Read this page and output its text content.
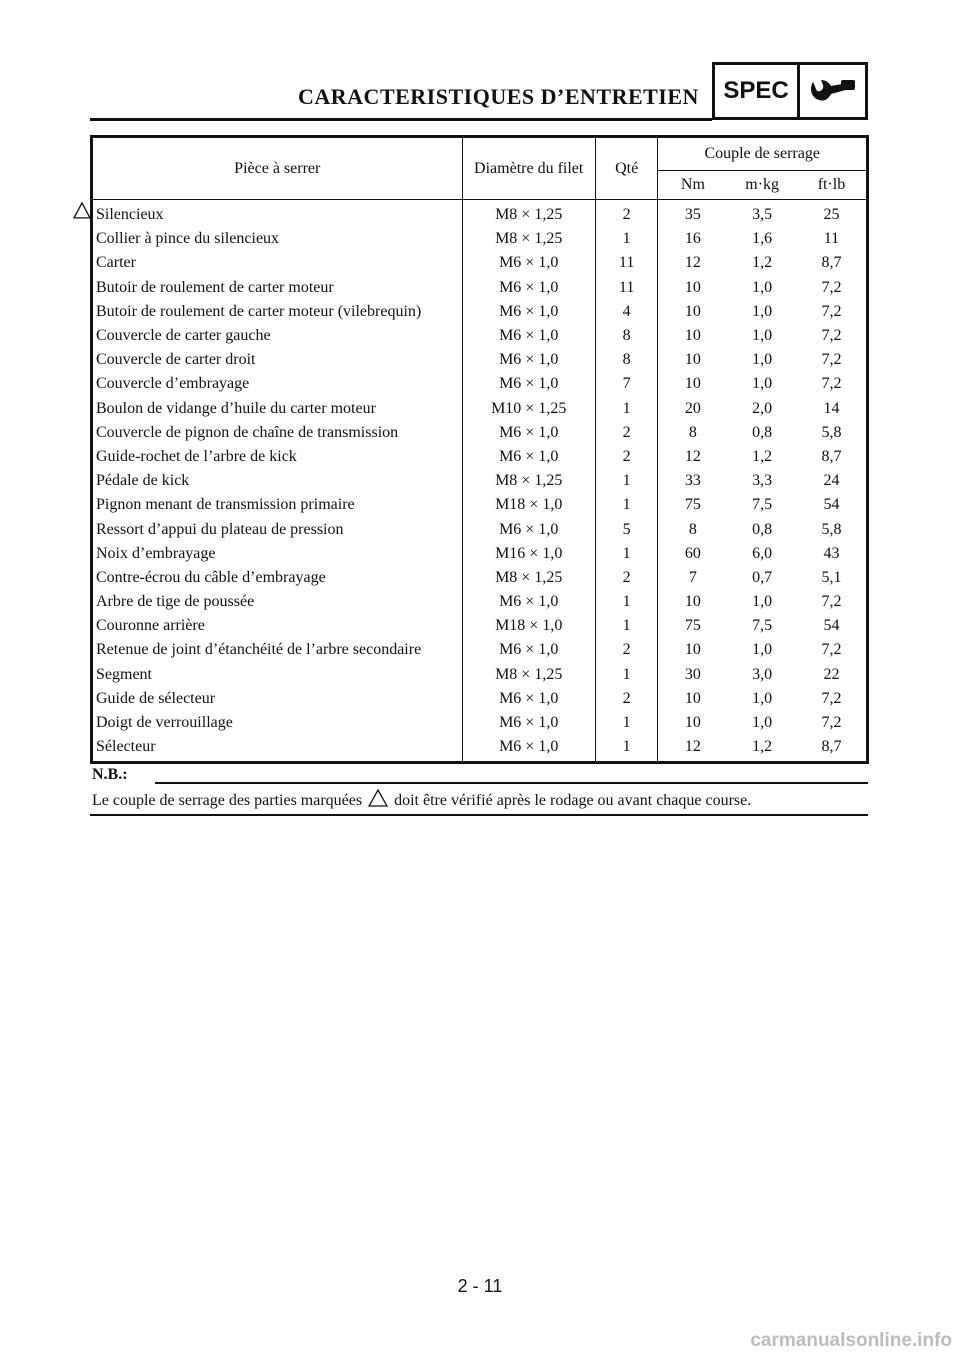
CARACTERISTIQUES D’ENTRETIEN	SPEC
Pièce à serrer	Diamètre du filet	Qté	Couple de serrage		
			Nm	m·kg	ft·lb
Silencieux	M8 × 1,25	2	35	3,5	25
Collier à pince du silencieux	M8 × 1,25	1	16	1,6	11
Carter	M6 × 1,0	11	12	1,2	8,7
Butoir de roulement de carter moteur	M6 × 1,0	11	10	1,0	7,2
Butoir de roulement de carter moteur (vilebrequin)	M6 × 1,0	4	10	1,0	7,2
Couvercle de carter gauche	M6 × 1,0	8	10	1,0	7,2
Couvercle de carter droit	M6 × 1,0	8	10	1,0	7,2
Couvercle d’embrayage	M6 × 1,0	7	10	1,0	7,2
Boulon de vidange d’huile du carter moteur	M10 × 1,25	1	20	2,0	14
Couvercle de pignon de chaîne de transmission	M6 × 1,0	2	8	0,8	5,8
Guide-rochet de l’arbre de kick	M6 × 1,0	2	12	1,2	8,7
Pédale de kick	M8 × 1,25	1	33	3,3	24
Pignon menant de transmission primaire	M18 × 1,0	1	75	7,5	54
Ressort d’appui du plateau de pression	M6 × 1,0	5	8	0,8	5,8
Noix d’embrayage	M16 × 1,0	1	60	6,0	43
Contre-écrou du câble d’embrayage	M8 × 1,25	2	7	0,7	5,1
Arbre de tige de poussée	M6 × 1,0	1	10	1,0	7,2
Couronne arrière	M18 × 1,0	1	75	7,5	54
Retenue de joint d’étanchéité de l’arbre secondaire	M6 × 1,0	2	10	1,0	7,2
Segment	M8 × 1,25	1	30	3,0	22
Guide de sélecteur	M6 × 1,0	2	10	1,0	7,2
Doigt de verrouillage	M6 × 1,0	1	10	1,0	7,2
Sélecteur	M6 × 1,0	1	12	1,2	8,7
N.B.:
Le couple de serrage des parties marquées doit être vérifié après le rodage ou avant chaque course.
2 - 11
carmanualsonline.info
